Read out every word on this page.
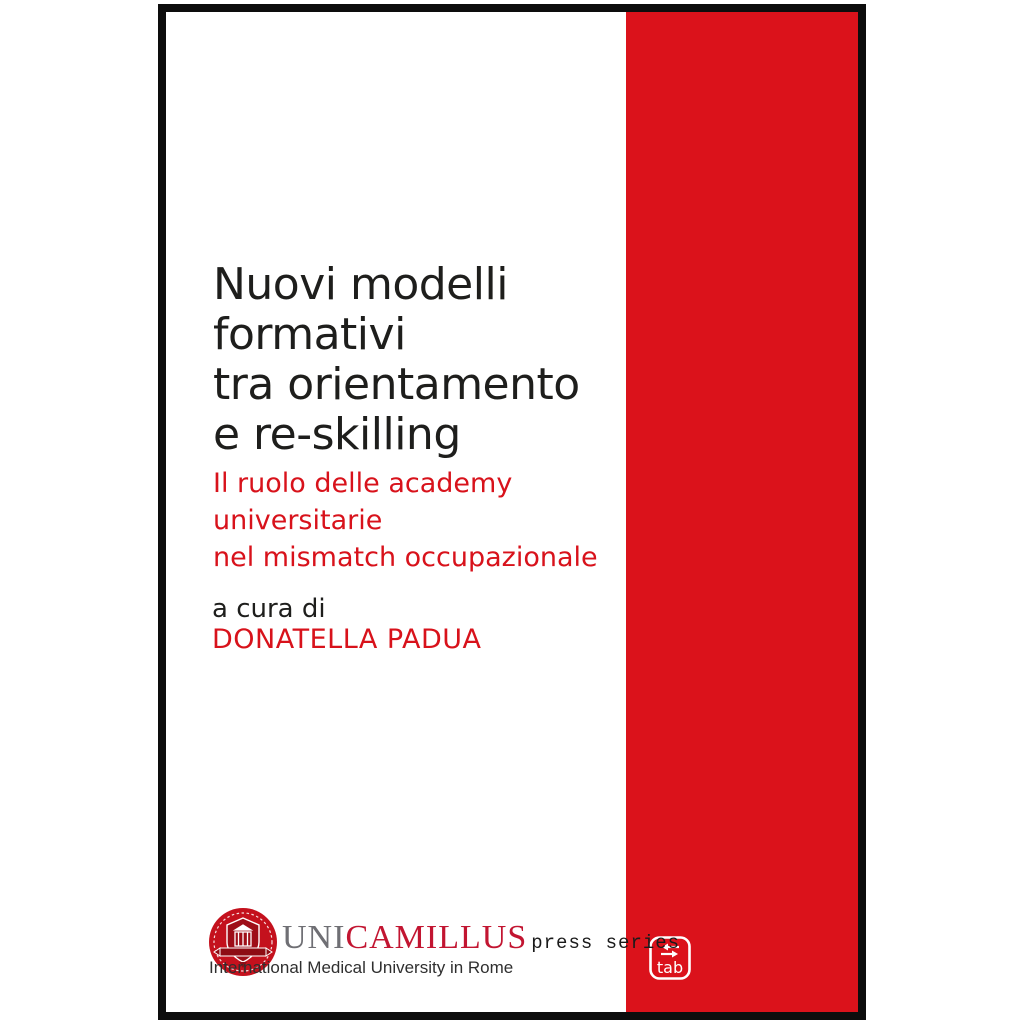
tab
Nuovi modelli
formativi
tra orientamento
e re-skilling
Il ruolo delle academy
universitarie
nel mismatch occupazionale
a cura di
DONATELLA PADUA
UNICAMILLUS press series
International Medical University in Rome
